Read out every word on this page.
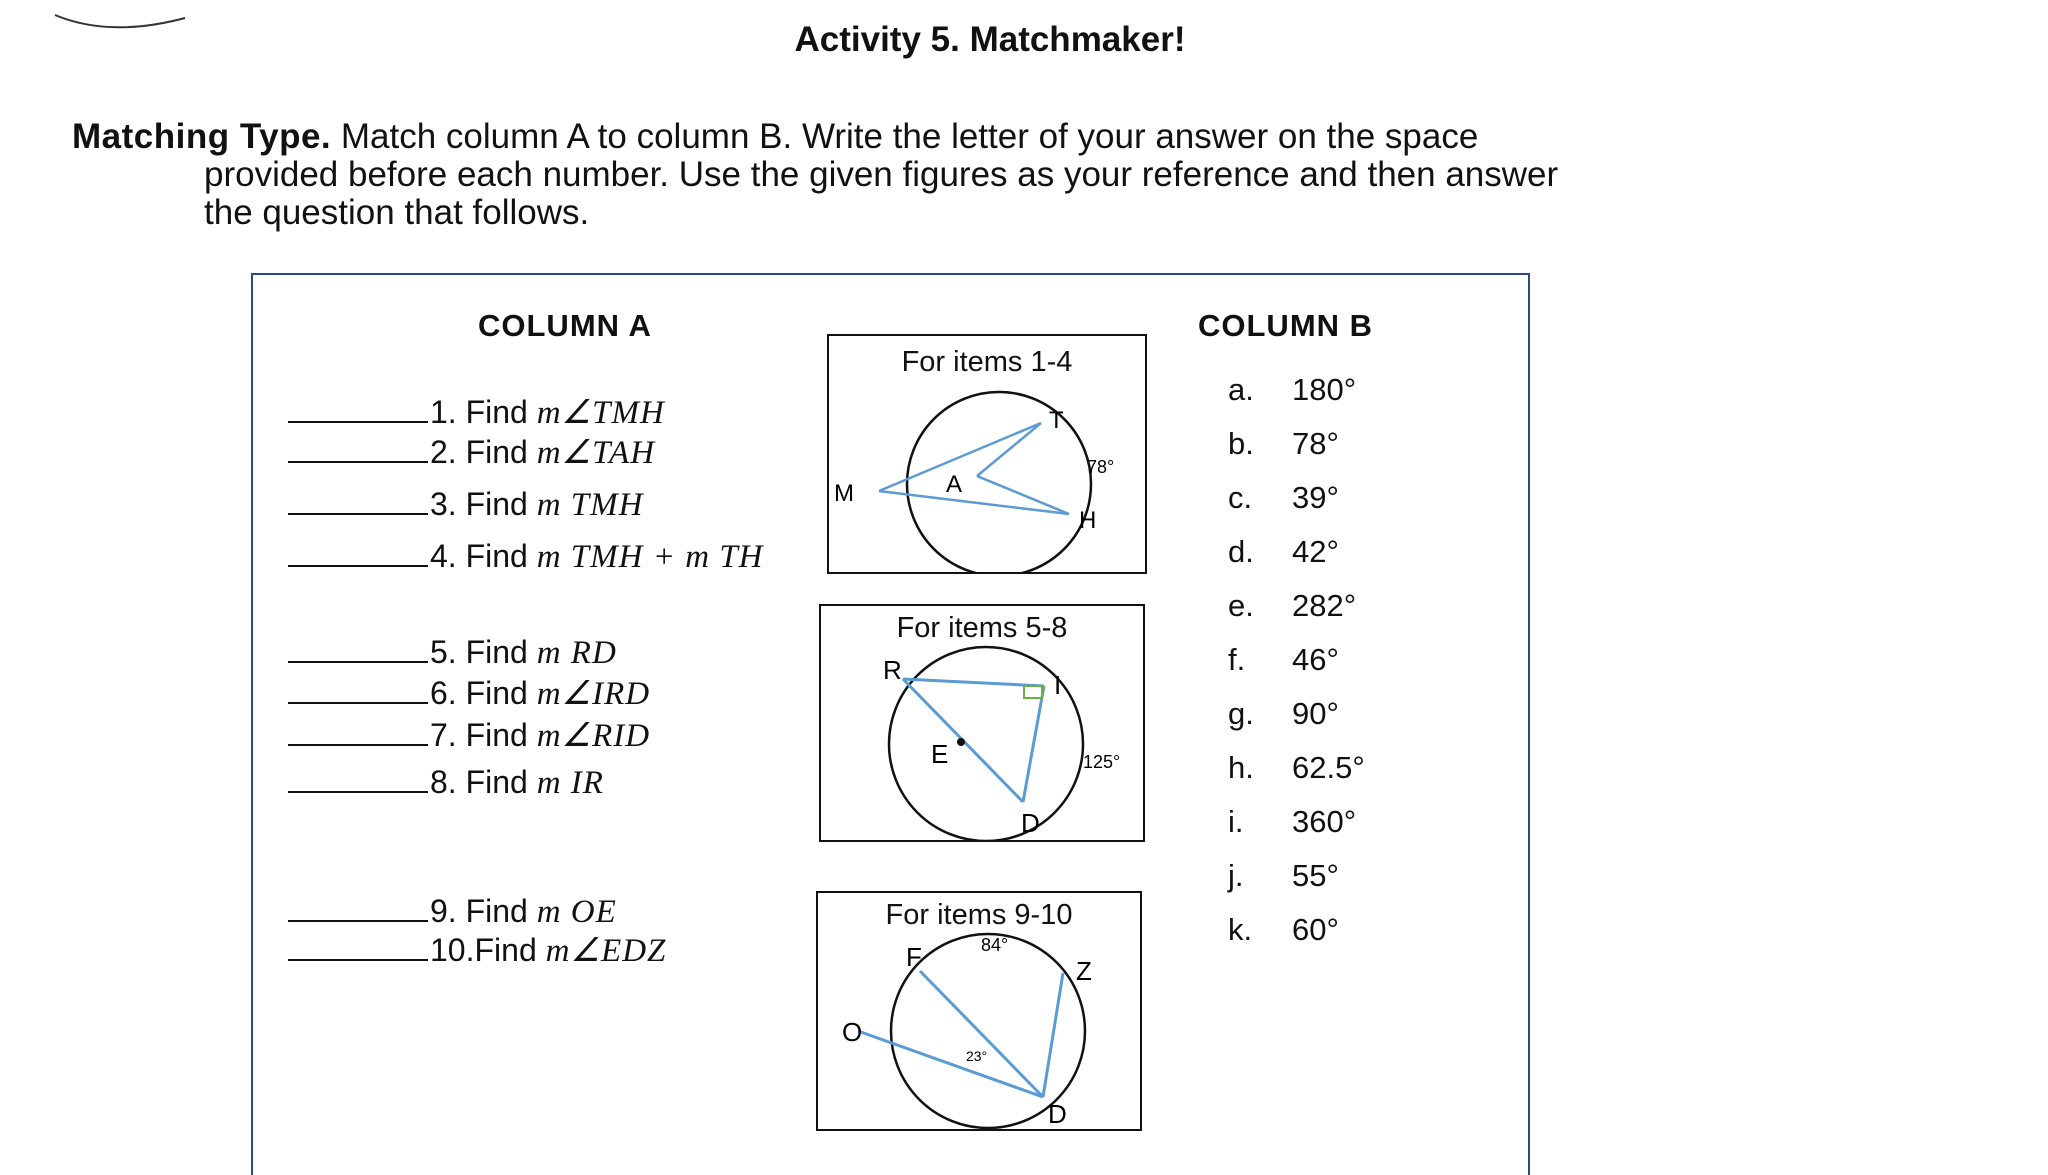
Activity 5. Matchmaker!
Matching Type. Match column A to column B. Write the letter of your answer on the space
provided before each number. Use the given figures as your reference and then answer
the question that follows.
COLUMN A
1. Find m∠TMH
2. Find m∠TAH
3. Find m TMH
4. Find m TMH + m TH
5. Find m RD
6. Find m∠IRD
7. Find m∠RID
8. Find m IR
9. Find m OE
10.Find m∠EDZ
For items 1-4
T
M	A
H
78°
For items 5-8
R	I
E
D
125°
For items 9-10
F	Z
O
D
84°
23°
COLUMN B
a. 180°
b. 78°
c. 39°
d. 42°
e. 282°
f. 46°
g. 90°
h. 62.5°
i. 360°
j. 55°
k. 60°
